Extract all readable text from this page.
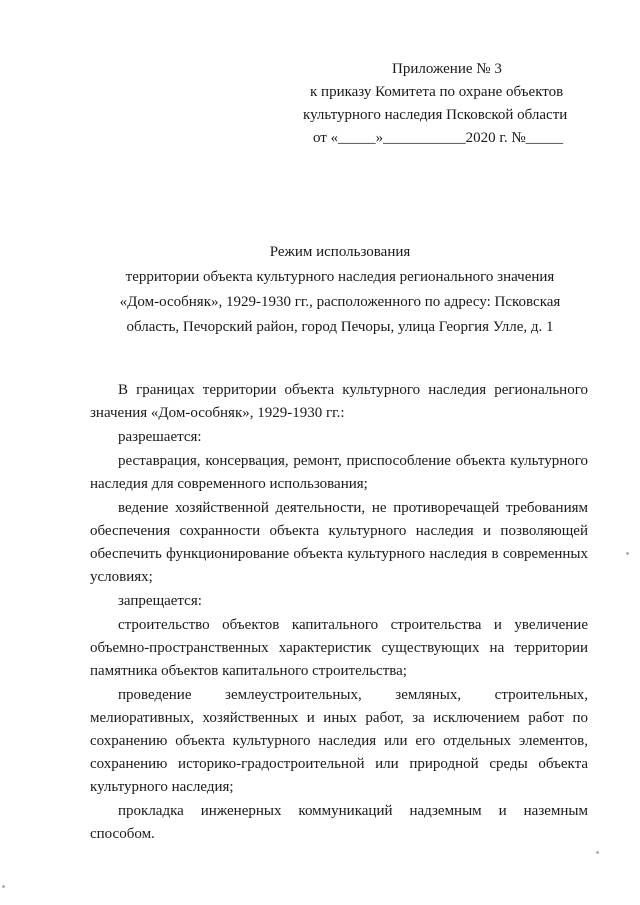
Приложение № 3
к приказу Комитета по охране объектов
культурного наследия Псковской области
от «_____»___________2020 г. №_____
Режим использования
территории объекта культурного наследия регионального значения
«Дом-особняк», 1929-1930 гг., расположенного по адресу: Псковская
область, Печорский район, город Печоры, улица Георгия Улле, д. 1

В границах территории объекта культурного наследия регионального значения «Дом-особняк», 1929-1930 гг.:

разрешается:

реставрация, консервация, ремонт, приспособление объекта культурного наследия для современного использования;

ведение хозяйственной деятельности, не противоречащей требованиям обеспечения сохранности объекта культурного наследия и позволяющей обеспечить функционирование объекта культурного наследия в современных условиях;

запрещается:

строительство объектов капитального строительства и увеличение объемно-пространственных характеристик существующих на территории памятника объектов капитального строительства;

проведение землеустроительных, земляных, строительных, мелиоративных, хозяйственных и иных работ, за исключением работ по сохранению объекта культурного наследия или его отдельных элементов, сохранению историко-градостроительной или природной среды объекта культурного наследия;

прокладка инженерных коммуникаций надземным и наземным способом.
